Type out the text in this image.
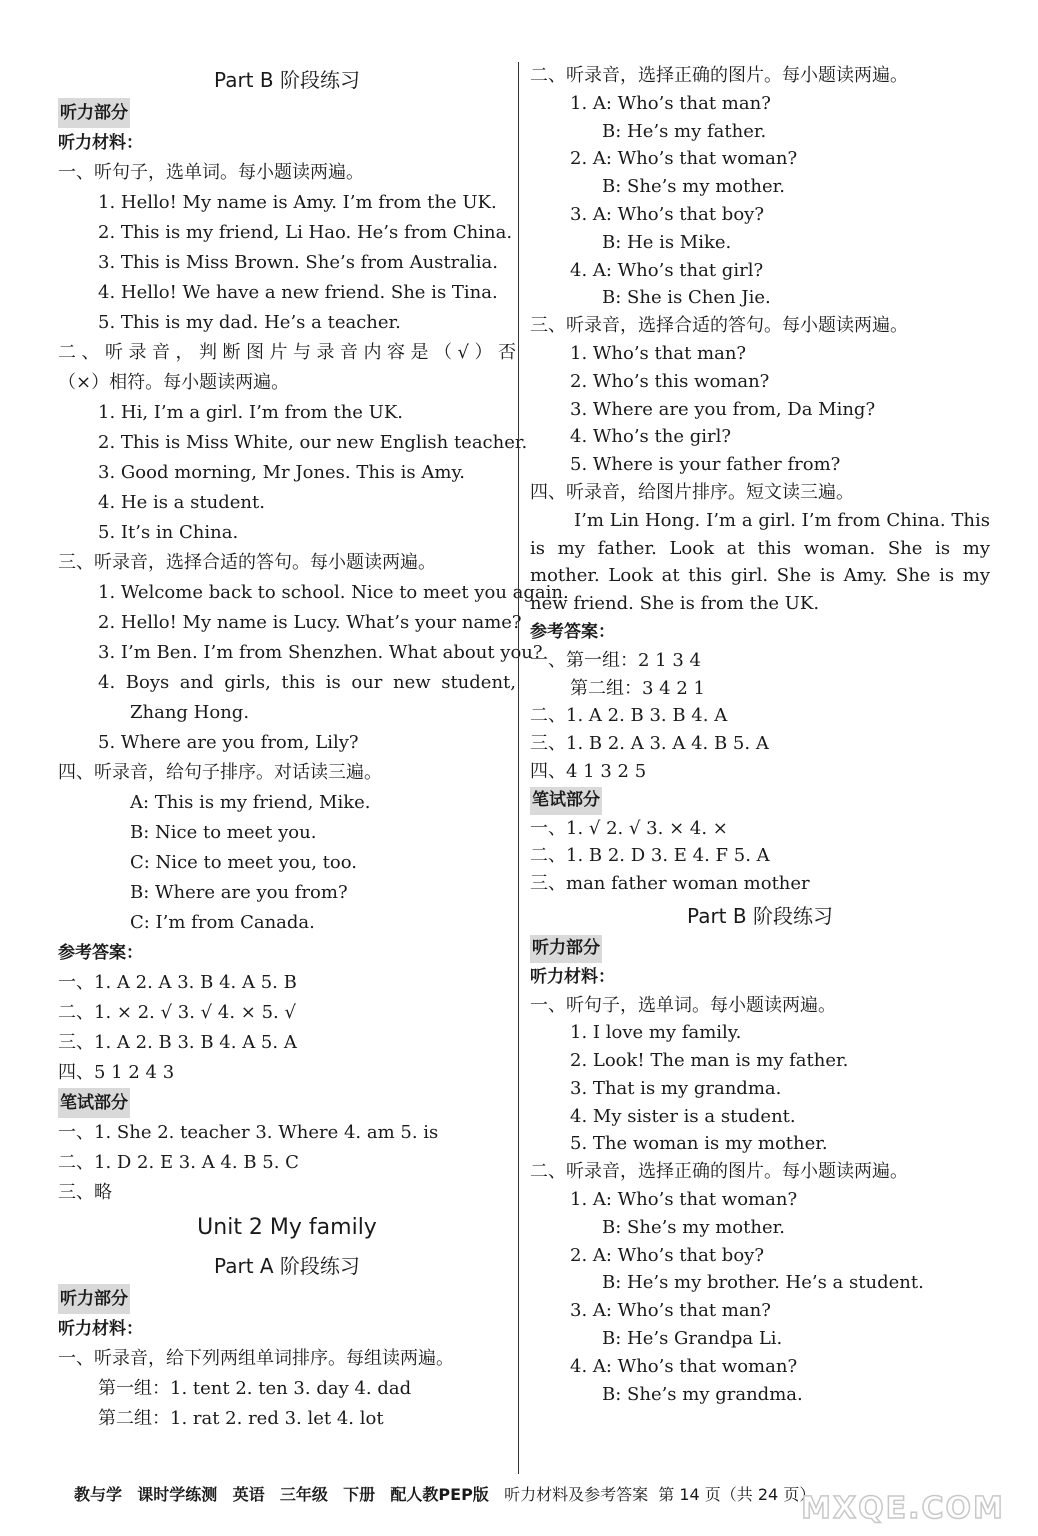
Part B 阶段练习
听力部分
听力材料：
一、听句子，选单词。每小题读两遍。
1. Hello! My name is Amy. I’m from the UK.
2. This is my friend, Li Hao. He’s from China.
3. This is Miss Brown. She’s from Australia.
4. Hello! We have a new friend. She is Tina.
5. This is my dad. He’s a teacher.
二、听录音，判断图片与录音内容是（√）否
（×）相符。每小题读两遍。
1. Hi, I’m a girl. I’m from the UK.
2. This is Miss White, our new English teacher.
3. Good morning, Mr Jones. This is Amy.
4. He is a student.
5. It’s in China.
三、听录音，选择合适的答句。每小题读两遍。
1. Welcome back to school. Nice to meet you again.
2. Hello! My name is Lucy. What’s your name?
3. I’m Ben. I’m from Shenzhen. What about you?
4. Boys and girls, this is our new student,
Zhang Hong.
5. Where are you from, Lily?
四、听录音，给句子排序。对话读三遍。
A: This is my friend, Mike.
B: Nice to meet you.
C: Nice to meet you, too.
B: Where are you from?
C: I’m from Canada.
参考答案：
一、1. A 2. A 3. B 4. A 5. B
二、1. × 2. √ 3. √ 4. × 5. √
三、1. A 2. B 3. B 4. A 5. A
四、5 1 2 4 3
笔试部分
一、1. She 2. teacher 3. Where 4. am 5. is
二、1. D 2. E 3. A 4. B 5. C
三、略
Unit 2 My family
Part A 阶段练习
听力部分
听力材料：
一、听录音，给下列两组单词排序。每组读两遍。
第一组：1. tent 2. ten 3. day 4. dad
第二组：1. rat 2. red 3. let 4. lot
二、听录音，选择正确的图片。每小题读两遍。
1. A: Who’s that man?
B: He’s my father.
2. A: Who’s that woman?
B: She’s my mother.
3. A: Who’s that boy?
B: He is Mike.
4. A: Who’s that girl?
B: She is Chen Jie.
三、听录音，选择合适的答句。每小题读两遍。
1. Who’s that man?
2. Who’s this woman?
3. Where are you from, Da Ming?
4. Who’s the girl?
5. Where is your father from?
四、听录音，给图片排序。短文读三遍。
I’m Lin Hong. I’m a girl. I’m from China. This is my father. Look at this woman. She is my mother. Look at this girl. She is Amy. She is my new friend. She is from the UK.
参考答案：
一、第一组：2 1 3 4
第二组：3 4 2 1
二、1. A 2. B 3. B 4. A
三、1. B 2. A 3. A 4. B 5. A
四、4 1 3 2 5
笔试部分
一、1. √ 2. √ 3. × 4. ×
二、1. B 2. D 3. E 4. F 5. A
三、man father woman mother
Part B 阶段练习
听力部分
听力材料：
一、听句子，选单词。每小题读两遍。
1. I love my family.
2. Look! The man is my father.
3. That is my grandma.
4. My sister is a student.
5. The woman is my mother.
二、听录音，选择正确的图片。每小题读两遍。
1. A: Who’s that woman?
B: She’s my mother.
2. A: Who’s that boy?
B: He’s my brother. He’s a student.
3. A: Who’s that man?
B: He’s Grandpa Li.
4. A: Who’s that woman?
B: She’s my grandma.
教与学 课时学练测 英语 三年级 下册 配人教PEP版 听力材料及参考答案 第 14 页（共 24 页）
MXQE.COM
